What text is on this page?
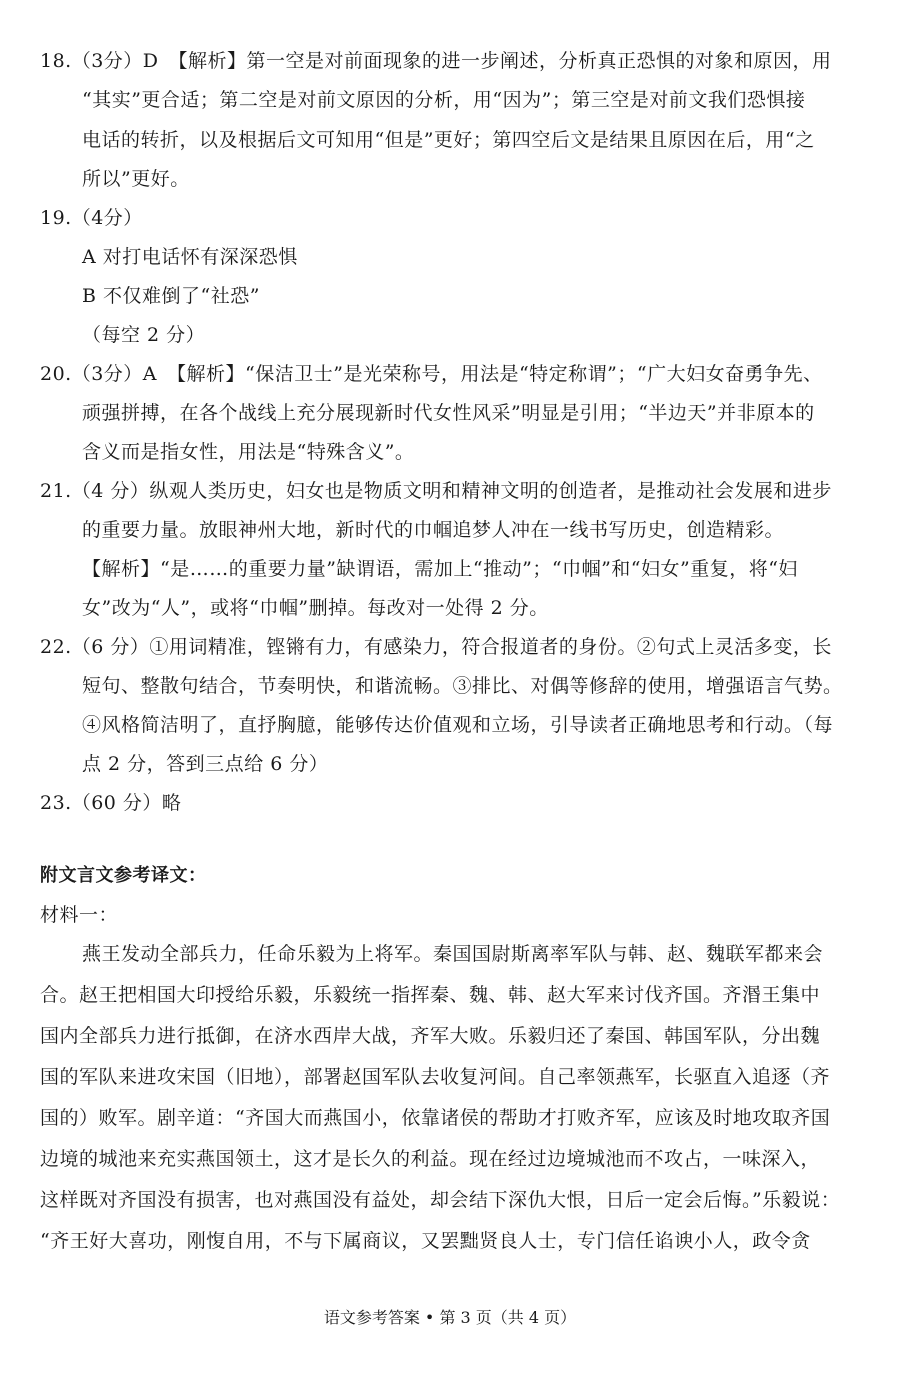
18.（3分）D　【解析】第一空是对前面现象的进一步阐述，分析真正恐惧的对象和原因，用
“其实”更合适；第二空是对前文原因的分析，用“因为”；第三空是对前文我们恐惧接
电话的转折，以及根据后文可知用“但是”更好；第四空后文是结果且原因在后，用“之
所以”更好。
19.（4分）
A 对打电话怀有深深恐惧
B 不仅难倒了“社恐”
（每空 2 分）
20.（3分）A　【解析】“保洁卫士”是光荣称号，用法是“特定称谓”；“广大妇女奋勇争先、
顽强拼搏，在各个战线上充分展现新时代女性风采”明显是引用；“半边天”并非原本的
含义而是指女性，用法是“特殊含义”。
21.（4 分）纵观人类历史，妇女也是物质文明和精神文明的创造者，是推动社会发展和进步
的重要力量。放眼神州大地，新时代的巾帼追梦人冲在一线书写历史，创造精彩。
【解析】“是……的重要力量”缺谓语，需加上“推动”；“巾帼”和“妇女”重复，将“妇
女”改为“人”，或将“巾帼”删掉。每改对一处得 2 分。
22.（6 分）①用词精准，铿锵有力，有感染力，符合报道者的身份。②句式上灵活多变，长
短句、整散句结合，节奏明快，和谐流畅。③排比、对偶等修辞的使用，增强语言气势。
④风格简洁明了，直抒胸臆，能够传达价值观和立场，引导读者正确地思考和行动。（每
点 2 分，答到三点给 6 分）
23.（60 分）略
附文言文参考译文：
材料一：
燕王发动全部兵力，任命乐毅为上将军。秦国国尉斯离率军队与韩、赵、魏联军都来会
合。赵王把相国大印授给乐毅，乐毅统一指挥秦、魏、韩、赵大军来讨伐齐国。齐湣王集中
国内全部兵力进行抵御，在济水西岸大战，齐军大败。乐毅归还了秦国、韩国军队，分出魏
国的军队来进攻宋国（旧地），部署赵国军队去收复河间。自己率领燕军，长驱直入追逐（齐
国的）败军。剧辛道：“齐国大而燕国小，依靠诸侯的帮助才打败齐军，应该及时地攻取齐国
边境的城池来充实燕国领土，这才是长久的利益。现在经过边境城池而不攻占，一味深入，
这样既对齐国没有损害，也对燕国没有益处，却会结下深仇大恨，日后一定会后悔。”乐毅说：
“齐王好大喜功，刚愎自用，不与下属商议，又罢黜贤良人士，专门信任谄谀小人，政令贪
语文参考答案 • 第 3 页（共 4 页）
